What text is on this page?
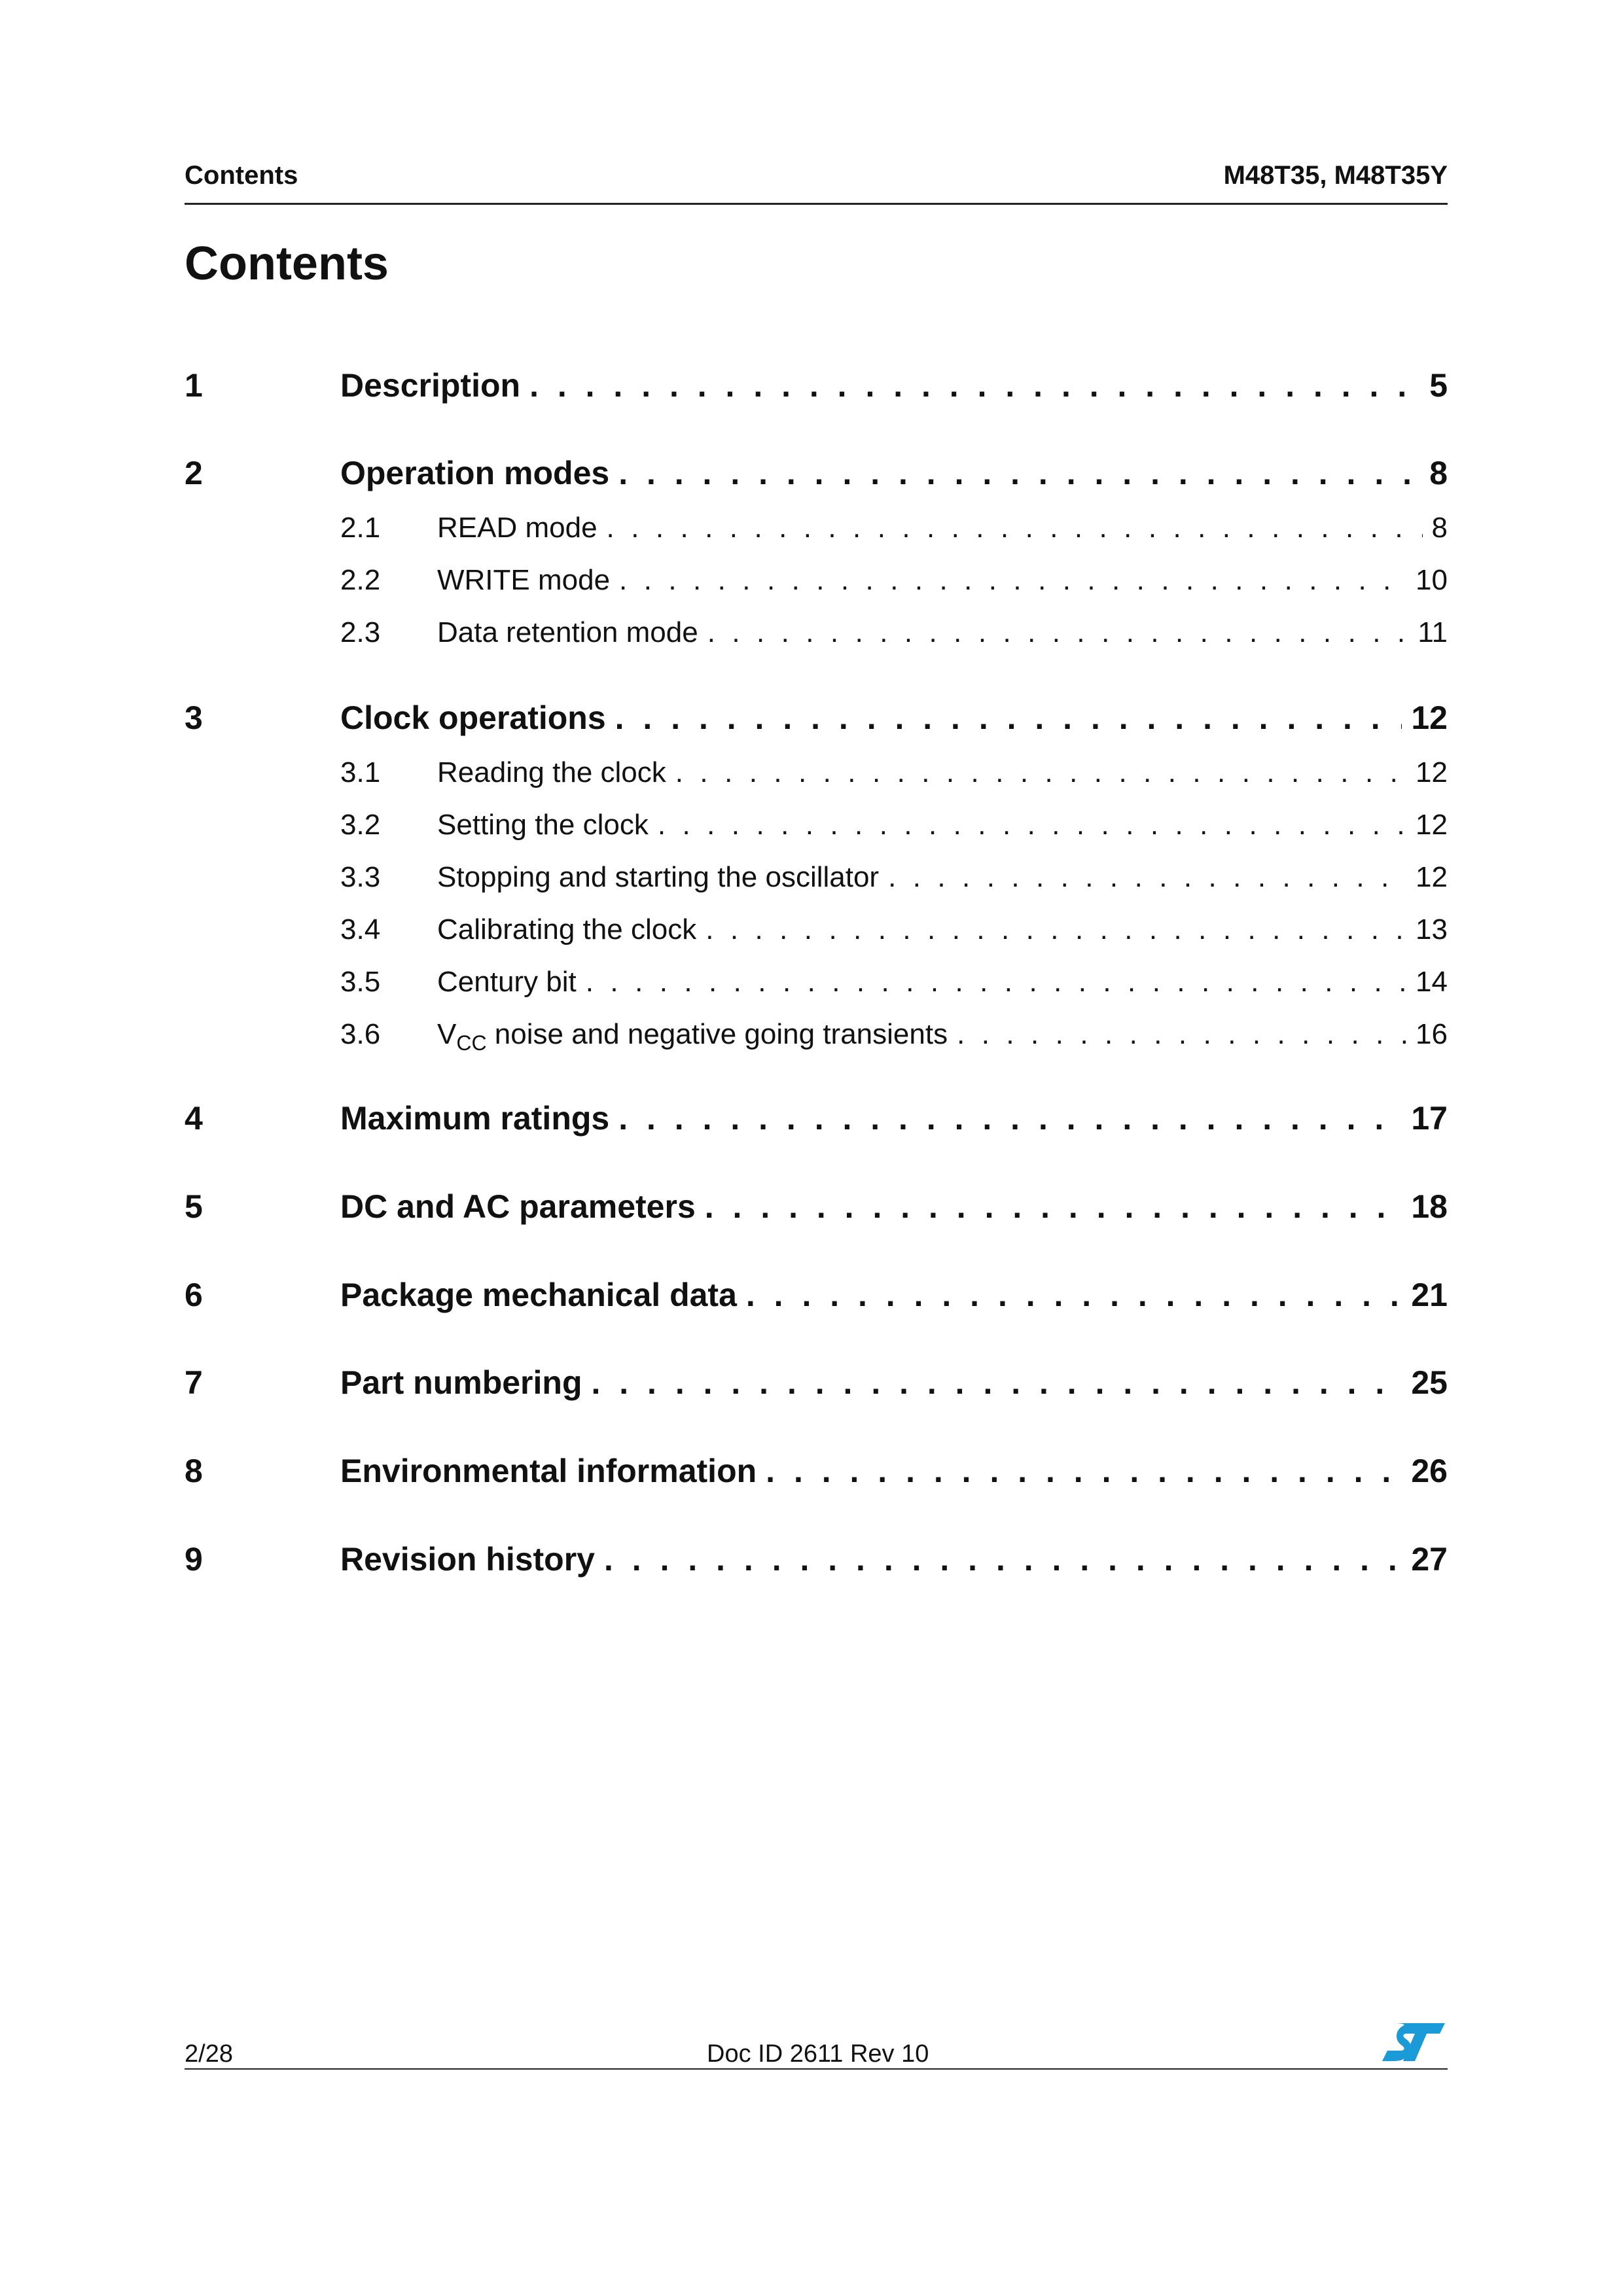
Contents	M48T35, M48T35Y
Contents
1	Description . . .	5
2	Operation modes . . .	8
2.1 READ mode . . .	8
2.2 WRITE mode . . .	10
2.3 Data retention mode . . .	11
3	Clock operations . . .	12
3.1 Reading the clock . . .	12
3.2 Setting the clock . . .	12
3.3 Stopping and starting the oscillator . . .	12
3.4 Calibrating the clock . . .	13
3.5 Century bit . . .	14
3.6 $V_{CC}$ noise and negative going transients . . .	16
4	Maximum ratings . . .	17
5	DC and AC parameters . . .	18
6	Package mechanical data . . .	21
7	Part numbering . . .	25
8	Environmental information . . .	26
9	Revision history . . .	27
2/28	Doc ID 2611 Rev 10
